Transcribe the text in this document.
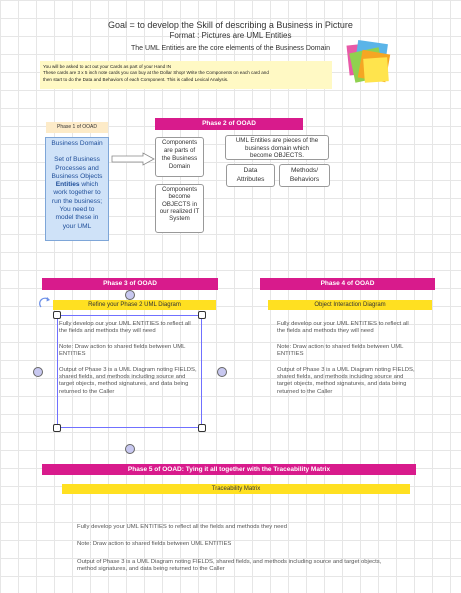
Goal = to develop the Skill of describing a Business in Picture
Format : Pictures are UML Entities
The UML Entities are the core elements of the Business Domain
You will be asked to act out your Cards as part of your Hand IN
These cards are 3 x 5 inch note cards you can buy at the Dollar Shop! Write the Components on each card and
then start to do the Data and Behaviors of each Component. This is called Lexical Analysis.
Phase 1 of OOAD
Business Domain
Set of Business
Processes and
Business Objects
Entities which
work together to
run the business;
You need to
model these in
your UML
Phase 2 of OOAD
Components
are parts of
the Business
Domain
Components
become
OBJECTS in
our realized IT
System
UML Entities are pieces of the
business domain which
become OBJECTS.
Data
Attributes
Methods/
Behaviors
Phase 3 of OOAD	Phase 4 of OOAD
Refine your Phase 2 UML Diagram	Object Interaction Diagram

Fully develop our your UML ENTITIES to reflect all the fields and methods they will need

Note: Draw action to shared fields between UML ENTITIES

Output of Phase 3 is a UML Diagram noting FIELDS, shared fields, and methods including source and target objects, method signatures, and data being returned to the Caller

Fully develop our your UML ENTITIES to reflect all the fields and methods they will need

Note: Draw action to shared fields between UML ENTITIES

Output of Phase 3 is a UML Diagram noting FIELDS, shared fields, and methods including source and target objects, method signatures, and data being returned to the Caller

Phase 5 of OOAD: Tying it all together with the Traceability Matrix
Traceability Matrix

Fully develop your UML ENTITIES to reflect all the fields and methods they need

Note: Draw action to shared fields between UML ENTITIES

Output of Phase 3 is a UML Diagram noting FIELDS, shared fields, and methods including source and target objects, method signatures, and data being returned to the Caller
